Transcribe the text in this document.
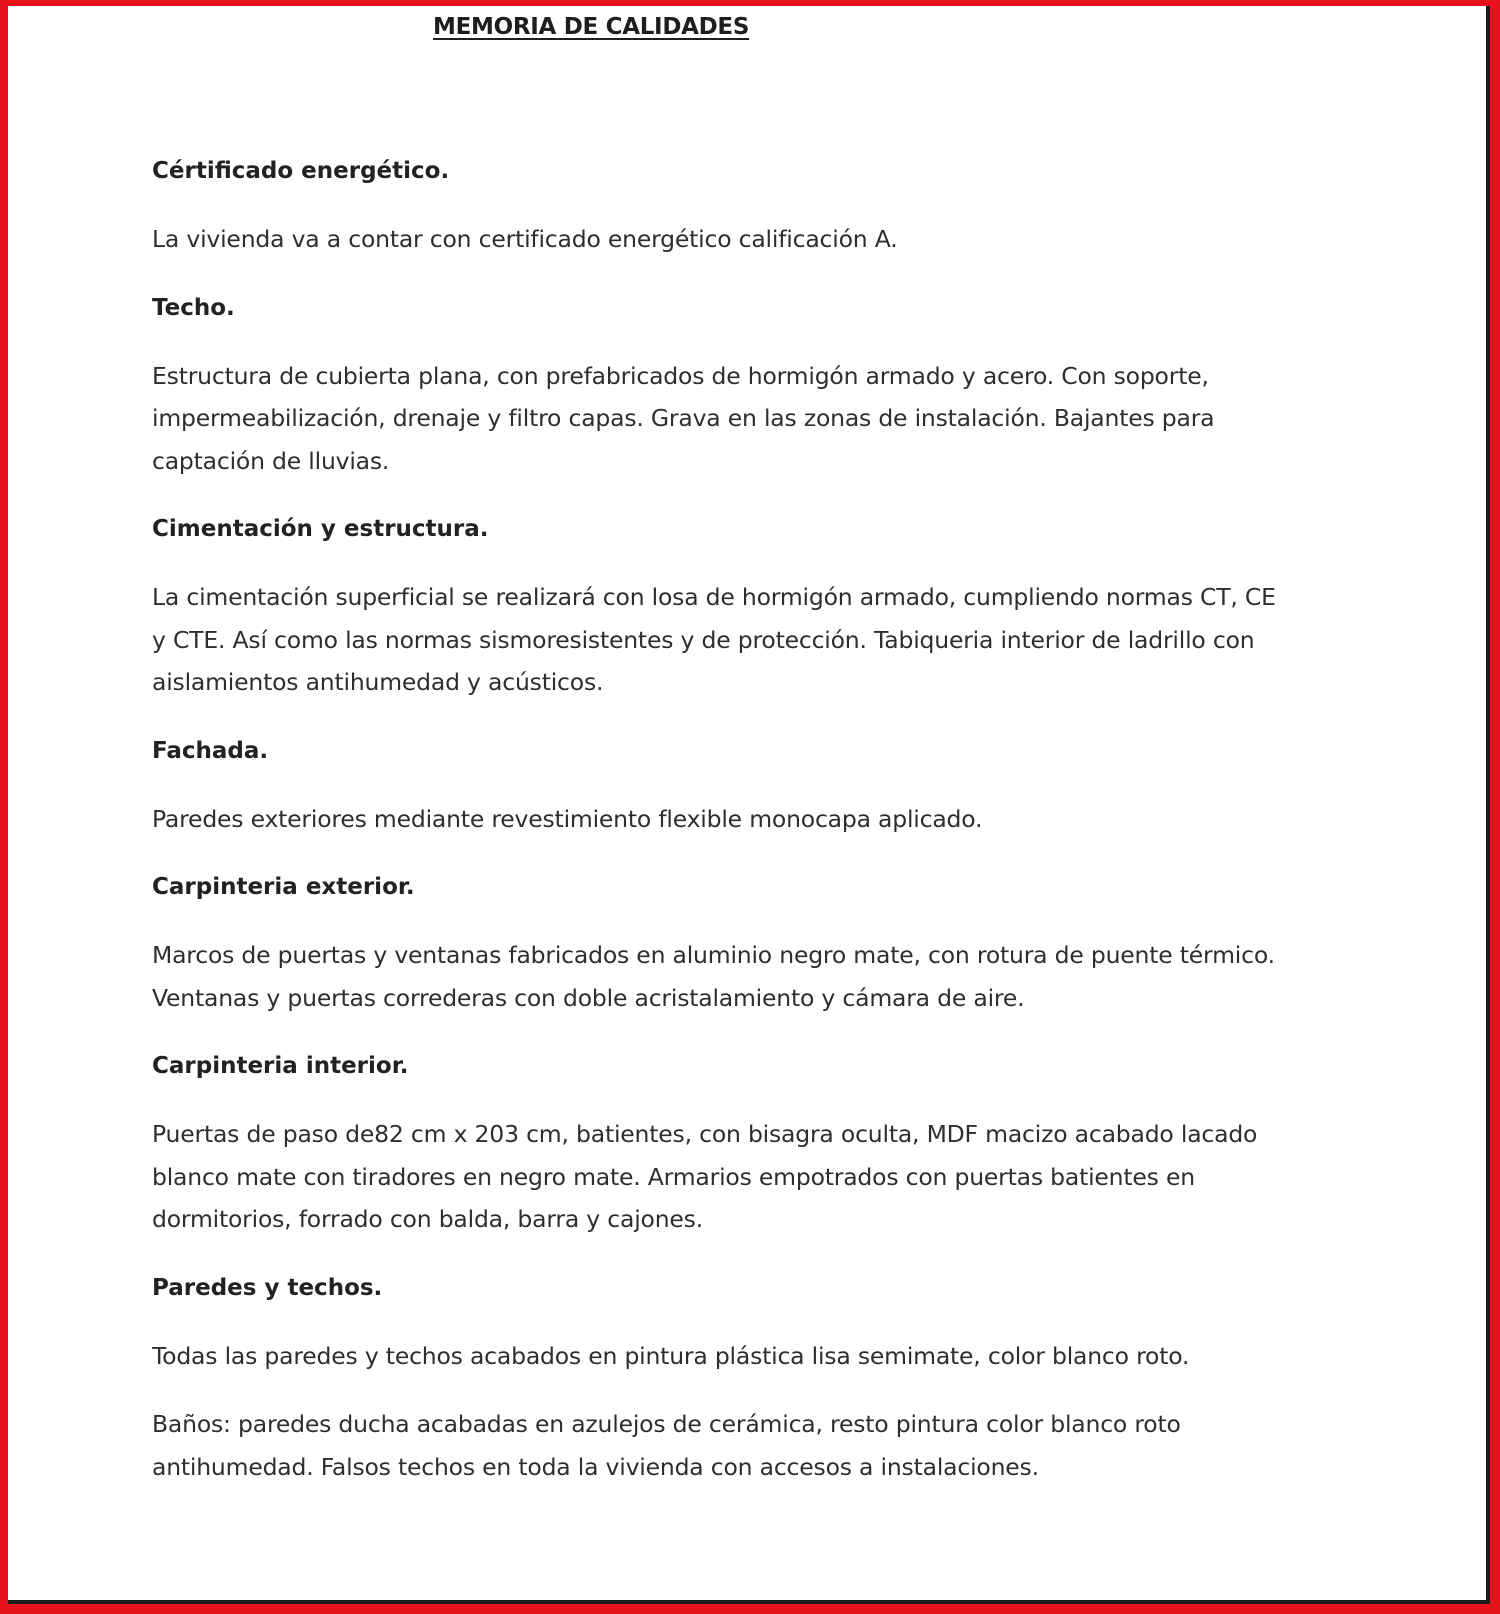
MEMORIA DE CALIDADES

Cértificado energético.

La vivienda va a contar con certificado energético calificación A.

Techo.

Estructura de cubierta plana, con prefabricados de hormigón armado y acero. Con soporte, impermeabilización, drenaje y filtro capas. Grava en las zonas de instalación. Bajantes para captación de lluvias.

Cimentación y estructura.

La cimentación superficial se realizará con losa de hormigón armado, cumpliendo normas CT, CE y CTE. Así como las normas sismoresistentes y de protección. Tabiqueria interior de ladrillo con aislamientos antihumedad y acústicos.

Fachada.

Paredes exteriores mediante revestimiento flexible monocapa aplicado.

Carpinteria exterior.

Marcos de puertas y ventanas fabricados en aluminio negro mate, con rotura de puente térmico. Ventanas y puertas correderas con doble acristalamiento y cámara de aire.

Carpinteria interior.

Puertas de paso de82 cm x 203 cm, batientes, con bisagra oculta, MDF macizo acabado lacado blanco mate con tiradores en negro mate. Armarios empotrados con puertas batientes en dormitorios, forrado con balda, barra y cajones.

Paredes y techos.

Todas las paredes y techos acabados en pintura plástica lisa semimate, color blanco roto.

Baños: paredes ducha acabadas en azulejos de cerámica, resto pintura color blanco roto antihumedad. Falsos techos en toda la vivienda con accesos a instalaciones.
